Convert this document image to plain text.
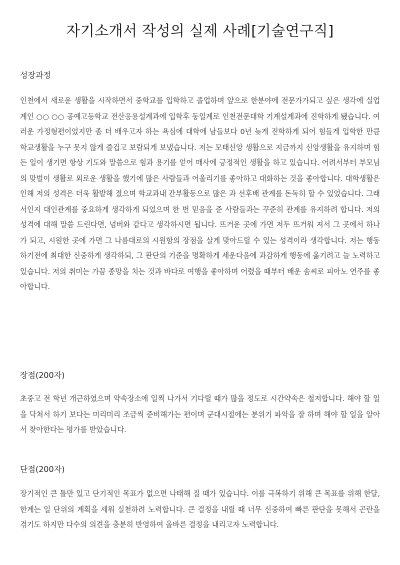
자기소개서 작성의 실제 사례[기술연구직]
성장과정
인천에서 새로운 생활을 시작하면서 중학교를 입학하고 졸업하며 앞으로 한분야에 전문가가되고 싶은 생각에 실업계인 ○○ ○○ 공예고등학교 전산응용설계과에 입학후 동일계로 인천전문대학 기계설계과에 진학하게 됐습니다. 여러운 가정형편이었지만 좀 더 배우고자 하는 욕심에 대학에 남들보다 0년 늦게 진학하게 되어 힘들게 입학한 만큼 학교생활을 누구 못지 않게 즐겁고 보람되게 보냈습니다. 저는 모태신앙 생활으로 지금까지 신앙생활을 유지하며 힘든 일이 생기면 항상 기도와 말씀으로 힘과 용기를 얻어 매사에 긍정적인 생활을 하고 있습니다. 어려서부터 부모님의 맞벌이 생활로 외로운 생활을 했기에 많은 사람들과 어울리기를 좋아하고 대화하는 것을 좋아합니다. 대학생활은 인해 저의 성격은 더욱 활발해 졌으며 학교과내 간부활동으로 많은 과 선후배 관계를 돈독히 할 수 있었습니다. 그래서인지 대인관계를 중요하게 생각하게 되었으며 한 번 믿음을 준 사람들과는 꾸준히 관계를 유지하려 합니다. 저의 성격에 대해 말씀 드린다면, 넘버와 같다고 생각하시면 됩니다. 뜨거운 곳에 가면 저두 뜨거워 져서 그 곳에서 하나가 되고, 시원한 곳에 가면 그 나름대로의 시원함의 장점을 살게 맞아드릴 수 있는 성격이라 생각합니다. 저는 행동하기전에 최대한 신중하게 생각하되, 그 판단의 기준을 명확하게 세운다음에 과감하게 행동에 옮기려고 늘 노력하고 있습니다. 저의 취미는 가끔 종망을 치는 것과 바다로 여행을 좋아하며 어렸을 때부터 배운 솜씨로 피아노 연주를 좋아합니다.
장점(200자)
초중고 전 학년 개근하였으며 약속장소에 일찍 나가서 기다릴 때가 많을 정도로 시간약속은 철저합니다. 해야 할 일을 닥쳐서 하기 보다는 미리미리 조금씩 준비해가는 편이며 군대시절에는 분위기 파악을 잘 하며 해야 할 일을 알아서 찾아한다는 평가를 받았습니다.
단점(200자)
장기적인 큰 틀만 있고 단기적인 목표가 없으면 나태해 질 때가 있습니다. 이를 극복하기 위해 큰 목표를 위해 한달, 한계는 일 단위의 계획을 세워 실천하려 노력합니다. 큰 결정을 내릴 때 너무 신중하여 빠른 판단을 못해서 곤란을 겪기도 하지만 다수의 의견을 충분히 반영하여 올바른 결정을 내리고자 노력합니다.
